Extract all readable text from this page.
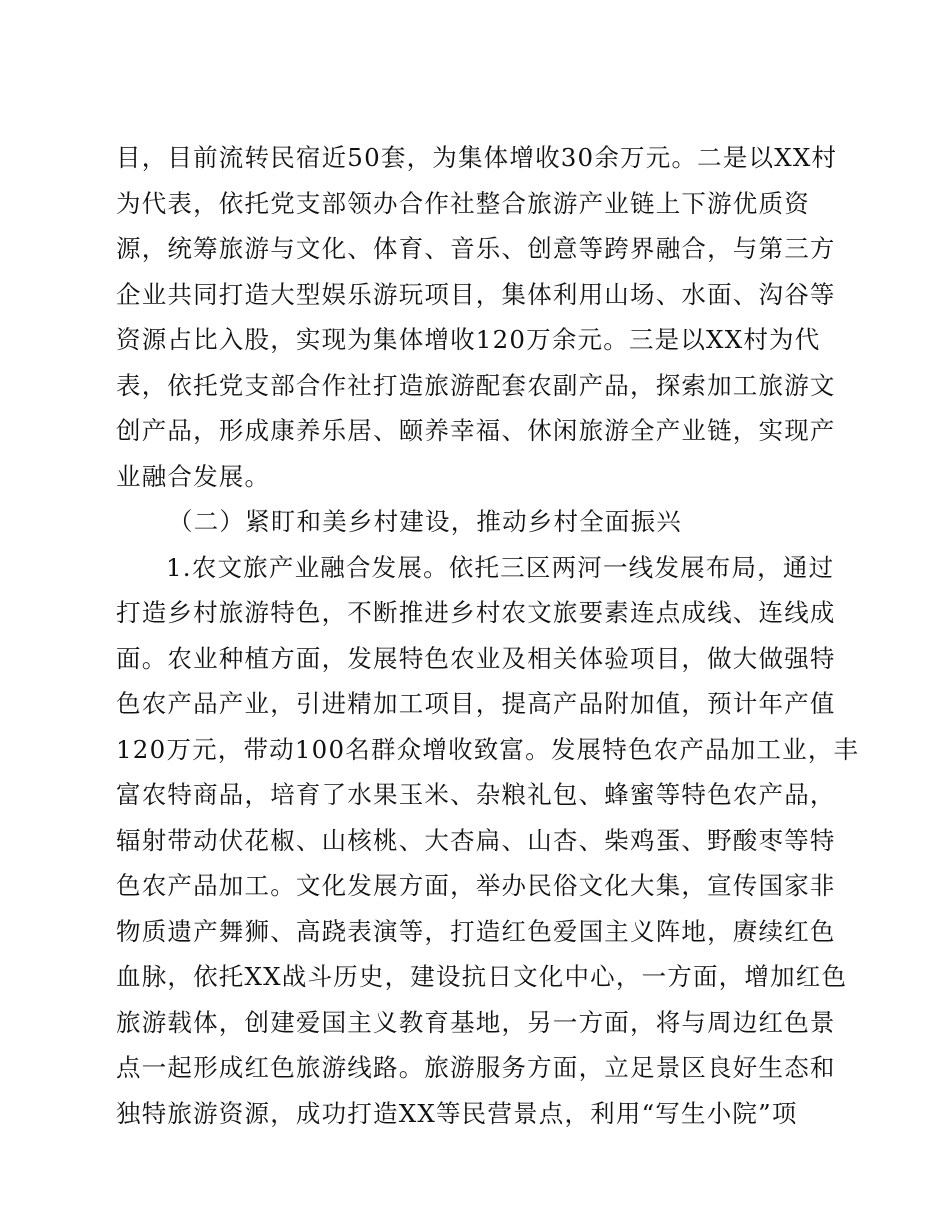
目，目前流转民宿近50套，为集体增收30余万元。二是以XX村
为代表，依托党支部领办合作社整合旅游产业链上下游优质资
源，统筹旅游与文化、体育、音乐、创意等跨界融合，与第三方
企业共同打造大型娱乐游玩项目，集体利用山场、水面、沟谷等
资源占比入股，实现为集体增收120万余元。三是以XX村为代
表，依托党支部合作社打造旅游配套农副产品，探索加工旅游文
创产品，形成康养乐居、颐养幸福、休闲旅游全产业链，实现产
业融合发展。
（二）紧盯和美乡村建设，推动乡村全面振兴
1.农文旅产业融合发展。依托三区两河一线发展布局，通过
打造乡村旅游特色，不断推进乡村农文旅要素连点成线、连线成
面。农业种植方面，发展特色农业及相关体验项目，做大做强特
色农产品产业，引进精加工项目，提高产品附加值，预计年产值
120万元，带动100名群众增收致富。发展特色农产品加工业，丰
富农特商品，培育了水果玉米、杂粮礼包、蜂蜜等特色农产品，
辐射带动伏花椒、山核桃、大杏扁、山杏、柴鸡蛋、野酸枣等特
色农产品加工。文化发展方面，举办民俗文化大集，宣传国家非
物质遗产舞狮、高跷表演等，打造红色爱国主义阵地，赓续红色
血脉，依托XX战斗历史，建设抗日文化中心，一方面，增加红色
旅游载体，创建爱国主义教育基地，另一方面，将与周边红色景
点一起形成红色旅游线路。旅游服务方面，立足景区良好生态和
独特旅游资源，成功打造XX等民营景点，利用“写生小院”项
